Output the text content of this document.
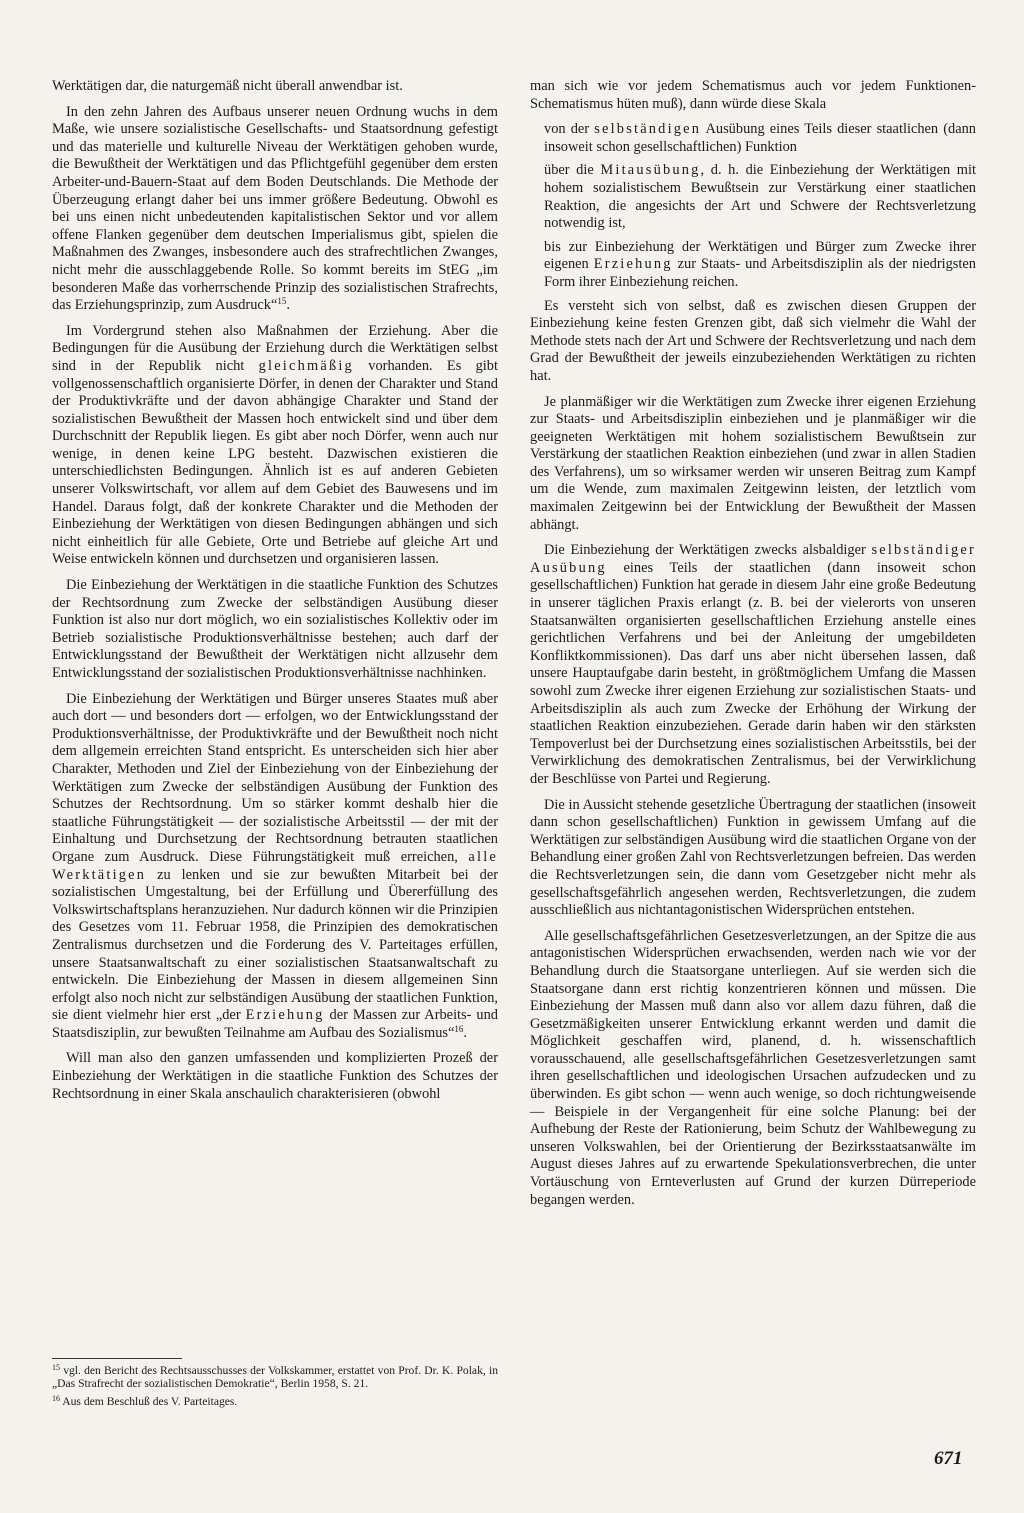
Werktätigen dar, die naturgemäß nicht überall anwendbar ist.

In den zehn Jahren des Aufbaus unserer neuen Ordnung wuchs in dem Maße, wie unsere sozialistische Gesellschafts- und Staatsordnung gefestigt und das materielle und kulturelle Niveau der Werktätigen gehoben wurde, die Bewußtheit der Werktätigen und das Pflichtgefühl gegenüber dem ersten Arbeiter-und-Bauern-Staat auf dem Boden Deutschlands. Die Methode der Überzeugung erlangt daher bei uns immer größere Bedeutung. Obwohl es bei uns einen nicht unbedeutenden kapitalistischen Sektor und vor allem offene Flanken gegenüber dem deutschen Imperialismus gibt, spielen die Maßnahmen des Zwanges, insbesondere auch des strafrechtlichen Zwanges, nicht mehr die ausschlaggebende Rolle. So kommt bereits im StEG „im besonderen Maße das vorherrschende Prinzip des sozialistischen Strafrechts, das Erziehungsprinzip, zum Ausdruck“$^{15}$.

Im Vordergrund stehen also Maßnahmen der Erziehung. Aber die Bedingungen für die Ausübung der Erziehung durch die Werktätigen selbst sind in der Republik nicht gleichmäßig vorhanden. Es gibt vollgenossenschaftlich organisierte Dörfer, in denen der Charakter und Stand der Produktivkräfte und der davon abhängige Charakter und Stand der sozialistischen Bewußtheit der Massen hoch entwickelt sind und über dem Durchschnitt der Republik liegen. Es gibt aber noch Dörfer, wenn auch nur wenige, in denen keine LPG besteht. Dazwischen existieren die unterschiedlichsten Bedingungen. Ähnlich ist es auf anderen Gebieten unserer Volkswirtschaft, vor allem auf dem Gebiet des Bauwesens und im Handel. Daraus folgt, daß der konkrete Charakter und die Methoden der Einbeziehung der Werktätigen von diesen Bedingungen abhängen und sich nicht einheitlich für alle Gebiete, Orte und Betriebe auf gleiche Art und Weise entwickeln können und durchsetzen und organisieren lassen.

Die Einbeziehung der Werktätigen in die staatliche Funktion des Schutzes der Rechtsordnung zum Zwecke der selbständigen Ausübung dieser Funktion ist also nur dort möglich, wo ein sozialistisches Kollektiv oder im Betrieb sozialistische Produktionsverhältnisse bestehen; auch darf der Entwicklungsstand der Bewußtheit der Werktätigen nicht allzusehr dem Entwicklungsstand der sozialistischen Produktionsverhältnisse nachhinken.

Die Einbeziehung der Werktätigen und Bürger unseres Staates muß aber auch dort — und besonders dort — erfolgen, wo der Entwicklungsstand der Produktionsverhältnisse, der Produktivkräfte und der Bewußtheit noch nicht dem allgemein erreichten Stand entspricht. Es unterscheiden sich hier aber Charakter, Methoden und Ziel der Einbeziehung von der Einbeziehung der Werktätigen zum Zwecke der selbständigen Ausübung der Funktion des Schutzes der Rechtsordnung. Um so stärker kommt deshalb hier die staatliche Führungstätigkeit — der sozialistische Arbeitsstil — der mit der Einhaltung und Durchsetzung der Rechtsordnung betrauten staatlichen Organe zum Ausdruck. Diese Führungstätigkeit muß erreichen, alle Werktätigen zu lenken und sie zur bewußten Mitarbeit bei der sozialistischen Umgestaltung, bei der Erfüllung und Übererfüllung des Volkswirtschaftsplans heranzuziehen. Nur dadurch können wir die Prinzipien des Gesetzes vom 11. Februar 1958, die Prinzipien des demokratischen Zentralismus durchsetzen und die Forderung des V. Parteitages erfüllen, unsere Staatsanwaltschaft zu einer sozialistischen Staatsanwaltschaft zu entwickeln. Die Einbeziehung der Massen in diesem allgemeinen Sinn erfolgt also noch nicht zur selbständigen Ausübung der staatlichen Funktion, sie dient vielmehr hier erst „der Erziehung der Massen zur Arbeits- und Staatsdisziplin, zur bewußten Teilnahme am Aufbau des Sozialismus“$^{16}$.

Will man also den ganzen umfassenden und komplizierten Prozeß der Einbeziehung der Werktätigen in die staatliche Funktion des Schutzes der Rechtsordnung in einer Skala anschaulich charakterisieren (obwohl

man sich wie vor jedem Schematismus auch vor jedem Funktionen-Schematismus hüten muß), dann würde diese Skala

von der selbständigen Ausübung eines Teils dieser staatlichen (dann insoweit schon gesellschaftlichen) Funktion
über die Mitausübung, d. h. die Einbeziehung der Werktätigen mit hohem sozialistischem Bewußtsein zur Verstärkung einer staatlichen Reaktion, die angesichts der Art und Schwere der Rechtsverletzung notwendig ist,
bis zur Einbeziehung der Werktätigen und Bürger zum Zwecke ihrer eigenen Erziehung zur Staats- und Arbeitsdisziplin als der niedrigsten Form ihrer Einbeziehung reichen.

Es versteht sich von selbst, daß es zwischen diesen Gruppen der Einbeziehung keine festen Grenzen gibt, daß sich vielmehr die Wahl der Methode stets nach der Art und Schwere der Rechtsverletzung und nach dem Grad der Bewußtheit der jeweils einzubeziehenden Werktätigen zu richten hat.

Je planmäßiger wir die Werktätigen zum Zwecke ihrer eigenen Erziehung zur Staats- und Arbeitsdisziplin einbeziehen und je planmäßiger wir die geeigneten Werktätigen mit hohem sozialistischem Bewußtsein zur Verstärkung der staatlichen Reaktion einbeziehen (und zwar in allen Stadien des Verfahrens), um so wirksamer werden wir unseren Beitrag zum Kampf um die Wende, zum maximalen Zeitgewinn leisten, der letztlich vom maximalen Zeitgewinn bei der Entwicklung der Bewußtheit der Massen abhängt.

Die Einbeziehung der Werktätigen zwecks alsbaldiger selbständiger Ausübung eines Teils der staatlichen (dann insoweit schon gesellschaftlichen) Funktion hat gerade in diesem Jahr eine große Bedeutung in unserer täglichen Praxis erlangt (z. B. bei der vielerorts von unseren Staatsanwälten organisierten gesellschaftlichen Erziehung anstelle eines gerichtlichen Verfahrens und bei der Anleitung der umgebildeten Konfliktkommissionen). Das darf uns aber nicht übersehen lassen, daß unsere Hauptaufgabe darin besteht, in größtmöglichem Umfang die Massen sowohl zum Zwecke ihrer eigenen Erziehung zur sozialistischen Staats- und Arbeitsdisziplin als auch zum Zwecke der Erhöhung der Wirkung der staatlichen Reaktion einzubeziehen. Gerade darin haben wir den stärksten Tempoverlust bei der Durchsetzung eines sozialistischen Arbeitsstils, bei der Verwirklichung des demokratischen Zentralismus, bei der Verwirklichung der Beschlüsse von Partei und Regierung.

Die in Aussicht stehende gesetzliche Übertragung der staatlichen (insoweit dann schon gesellschaftlichen) Funktion in gewissem Umfang auf die Werktätigen zur selbständigen Ausübung wird die staatlichen Organe von der Behandlung einer großen Zahl von Rechtsverletzungen befreien. Das werden die Rechtsverletzungen sein, die dann vom Gesetzgeber nicht mehr als gesellschaftsgefährlich angesehen werden, Rechtsverletzungen, die zudem ausschließlich aus nichtantagonistischen Widersprüchen entstehen.

Alle gesellschaftsgefährlichen Gesetzesverletzungen, an der Spitze die aus antagonistischen Widersprüchen erwachsenden, werden nach wie vor der Behandlung durch die Staatsorgane unterliegen. Auf sie werden sich die Staatsorgane dann erst richtig konzentrieren können und müssen. Die Einbeziehung der Massen muß dann also vor allem dazu führen, daß die Gesetzmäßigkeiten unserer Entwicklung erkannt werden und damit die Möglichkeit geschaffen wird, planend, d. h. wissenschaftlich vorausschauend, alle gesellschaftsgefährlichen Gesetzesverletzungen samt ihren gesellschaftlichen und ideologischen Ursachen aufzudecken und zu überwinden. Es gibt schon — wenn auch wenige, so doch richtungweisende — Beispiele in der Vergangenheit für eine solche Planung: bei der Aufhebung der Reste der Rationierung, beim Schutz der Wahlbewegung zu unseren Volkswahlen, bei der Orientierung der Bezirksstaatsanwälte im August dieses Jahres auf zu erwartende Spekulationsverbrechen, die unter Vortäuschung von Ernteverlusten auf Grund der kurzen Dürreperiode begangen werden.

$^{15}$ vgl. den Bericht des Rechtsausschusses der Volkskammer, erstattet von Prof. Dr. K. Polak, in „Das Strafrecht der sozialistischen Demokratie“, Berlin 1958, S. 21.
$^{16}$ Aus dem Beschluß des V. Parteitages.
671
